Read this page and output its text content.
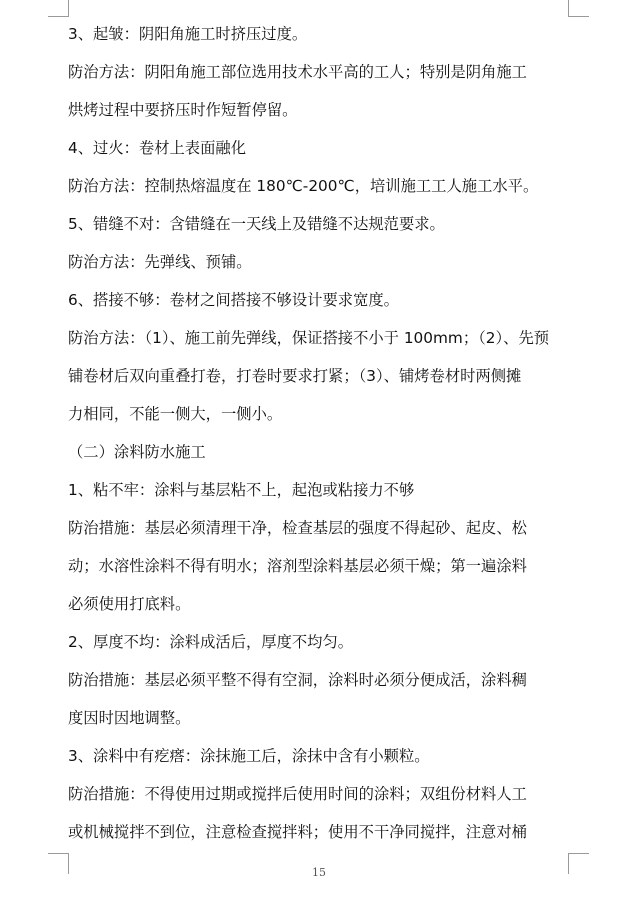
3、起皱：阴阳角施工时挤压过度。
防治方法：阴阳角施工部位选用技术水平高的工人；特别是阴角施工
烘烤过程中要挤压时作短暂停留。
4、过火：卷材上表面融化
防治方法：控制热熔温度在 180℃-200℃，培训施工工人施工水平。
5、错缝不对：含错缝在一天线上及错缝不达规范要求。
防治方法：先弹线、预铺。
6、搭接不够：卷材之间搭接不够设计要求宽度。
防治方法：（1）、施工前先弹线，保证搭接不小于 100mm；（2）、先预
铺卷材后双向重叠打卷，打卷时要求打紧；（3）、铺烤卷材时两侧摊
力相同，不能一侧大，一侧小。
（二）涂料防水施工
1、粘不牢：涂料与基层粘不上，起泡或粘接力不够
防治措施：基层必须清理干净，检查基层的强度不得起砂、起皮、松
动；水溶性涂料不得有明水；溶剂型涂料基层必须干燥；第一遍涂料
必须使用打底料。
2、厚度不均：涂料成活后，厚度不均匀。
防治措施：基层必须平整不得有空洞，涂料时必须分便成活，涂料稠
度因时因地调整。
3、涂料中有疙瘩：涂抹施工后，涂抹中含有小颗粒。
防治措施：不得使用过期或搅拌后使用时间的涂料；双组份材料人工
或机械搅拌不到位，注意检查搅拌料；使用不干净同搅拌，注意对桶
15
